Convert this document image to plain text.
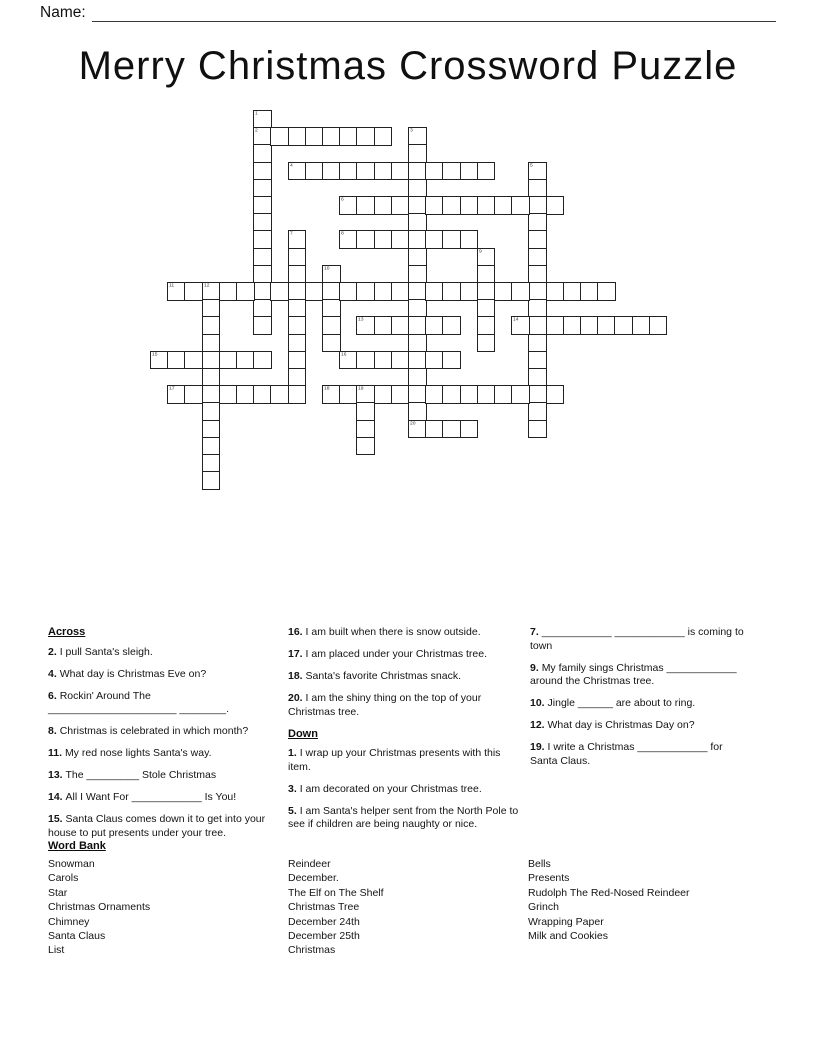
Name:
Merry Christmas Crossword Puzzle
1
2	3
20
4	5
6
7	8
9
10
11	12
13	14
15	16
17	18	19
Across

2. I pull Santa's sleigh.

4. What day is Christmas Eve on?

6. Rockin' Around The ______________________ ________.

8. Christmas is celebrated in which month?

11. My red nose lights Santa's way.

13. The _________ Stole Christmas

14. All I Want For ____________ Is You!

15. Santa Claus comes down it to get into your house to put presents under your tree.

16. I am built when there is snow outside.

17. I am placed under your Christmas tree.

18. Santa's favorite Christmas snack.

20. I am the shiny thing on the top of your Christmas tree.

Down

1. I wrap up your Christmas presents with this item.

3. I am decorated on your Christmas tree.

5. I am Santa's helper sent from the North Pole to see if children are being naughty or nice.

7. ____________ ____________ is coming to town

9. My family sings Christmas ____________ around the Christmas tree.

10. Jingle ______ are about to ring.

12. What day is Christmas Day on?

19. I write a Christmas ____________ for Santa Claus.

Word Bank
Snowman
Carols
Star
Christmas Ornaments
Chimney
Santa Claus
List
Reindeer
December.
The Elf on The Shelf
Christmas Tree
December 24th
December 25th
Christmas
Bells
Presents
Rudolph The Red-Nosed Reindeer
Grinch
Wrapping Paper
Milk and Cookies
